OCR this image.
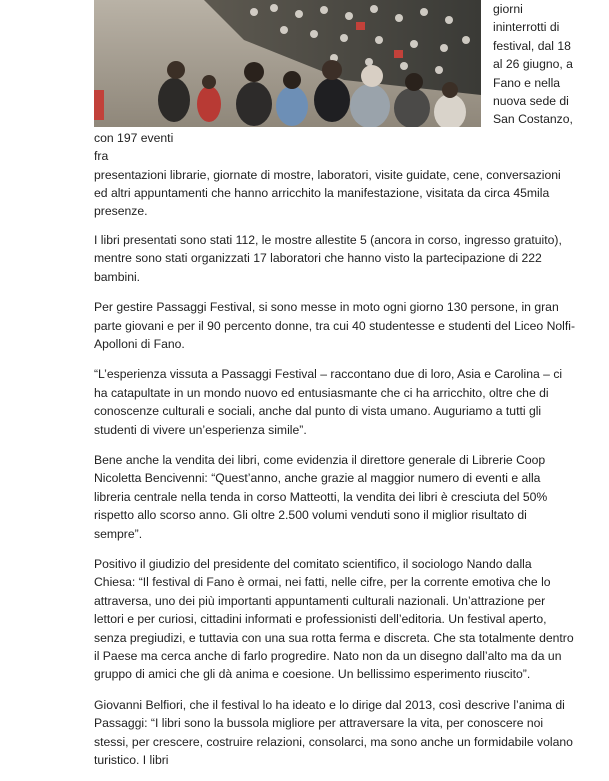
giorni
ininterrotti di
festival, dal 18
al 26 giugno, a
Fano e nella
nuova sede di
San Costanzo,
con 197 eventi
fra
presentazioni librarie, giornate di mostre, laboratori, visite guidate, cene, conversazioni ed altri appuntamenti che hanno arricchito la manifestazione, visitata da circa 45mila presenze.

I libri presentati sono stati 112, le mostre allestite 5 (ancora in corso, ingresso gratuito), mentre sono stati organizzati 17 laboratori che hanno visto la partecipazione di 222 bambini.

Per gestire Passaggi Festival, si sono messe in moto ogni giorno 130 persone, in gran parte giovani e per il 90 percento donne, tra cui 40 studentesse e studenti del Liceo Nolfi-Apolloni di Fano.

“L’esperienza vissuta a Passaggi Festival – raccontano due di loro, Asia e Carolina – ci ha catapultate in un mondo nuovo ed entusiasmante che ci ha arricchito, oltre che di conoscenze culturali e sociali, anche dal punto di vista umano. Auguriamo a tutti gli studenti di vivere un’esperienza simile”.

Bene anche la vendita dei libri, come evidenzia il direttore generale di Librerie Coop Nicoletta Bencivenni: “Quest’anno, anche grazie al maggior numero di eventi e alla libreria centrale nella tenda in corso Matteotti, la vendita dei libri è cresciuta del 50% rispetto allo scorso anno. Gli oltre 2.500 volumi venduti sono il miglior risultato di sempre”.

Positivo il giudizio del presidente del comitato scientifico, il sociologo Nando dalla Chiesa: “Il festival di Fano è ormai, nei fatti, nelle cifre, per la corrente emotiva che lo attraversa, uno dei più importanti appuntamenti culturali nazionali. Un’attrazione per lettori e per curiosi, cittadini informati e professionisti dell’editoria. Un festival aperto, senza pregiudizi, e tuttavia con una sua rotta ferma e discreta. Che sta totalmente dentro il Paese ma cerca anche di farlo progredire. Nato non da un disegno dall’alto ma da un gruppo di amici che gli dà anima e coesione. Un bellissimo esperimento riuscito”.

Giovanni Belfiori, che il festival lo ha ideato e lo dirige dal 2013, così descrive l’anima di Passaggi: “I libri sono la bussola migliore per attraversare la vita, per conoscere noi stessi, per crescere, costruire relazioni, consolarci, ma sono anche un formidabile volano turistico. I libri
